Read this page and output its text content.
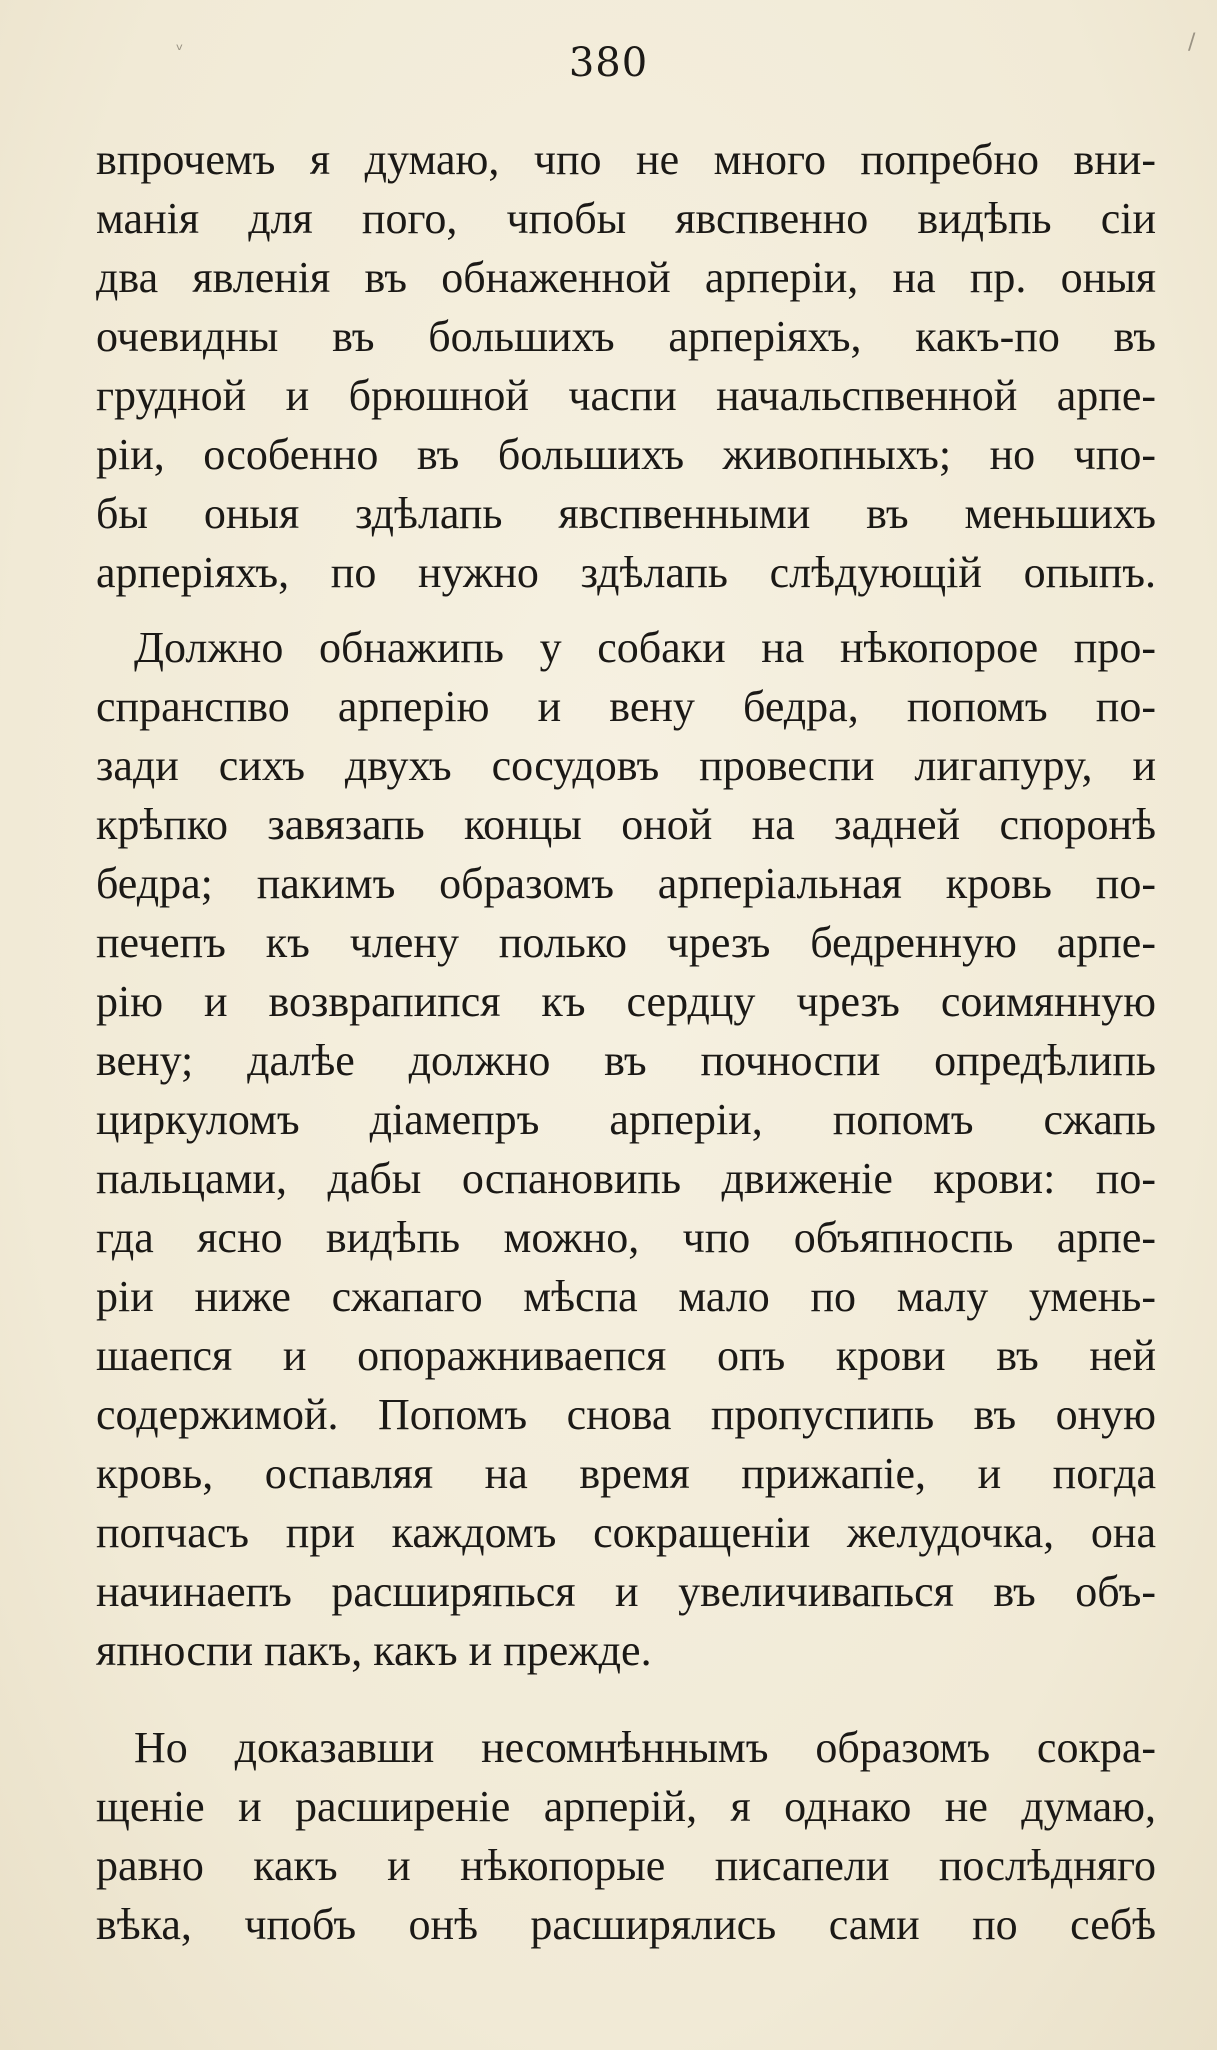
ᵛ	/
380
впрочемъ я думаю, чпо не много попребно вни-
манія для пого, чпобы явспвенно видѣпь сіи
два явленія въ обнаженной арперіи, на пр. оныя
очевидны въ большихъ арперіяхъ, какъ-по въ
грудной и брюшной часпи начальспвенной арпе-
ріи, особенно въ большихъ живопныхъ; но чпо-
бы оныя здѣлапь явспвенными въ меньшихъ
арперіяхъ, по нужно здѣлапь слѣдующій опыпъ.
Должно обнажипь у собаки на нѣкопорое про-
спранспво арперію и вену бедра, попомъ по-
зади сихъ двухъ сосудовъ провеспи лигапуру, и
крѣпко завязапь концы оной на задней споронѣ
бедра; пакимъ образомъ арперіальная кровь по-
печепъ къ члену полько чрезъ бедренную арпе-
рію и возврапипся къ сердцу чрезъ соимянную
вену; далѣе должно въ почноспи опредѣлипь
циркуломъ діамепръ арперіи, попомъ сжапь
пальцами, дабы оспановипь движеніе крови: по-
гда ясно видѣпь можно, чпо объяпноспь арпе-
ріи ниже сжапаго мѣспа мало по малу умень-
шаепся и опоражниваепся опъ крови въ ней
содержимой. Попомъ снова пропуспипь въ оную
кровь, оспавляя на время прижапіе, и погда
попчасъ при каждомъ сокращеніи желудочка, она
начинаепъ расширяпься и увеличивапься въ объ-
япноспи пакъ, какъ и прежде.
Но доказавши несомнѣннымъ образомъ сокра-
щеніе и расширеніе арперій, я однако не думаю,
равно какъ и нѣкопорые писапели послѣдняго
вѣка, чпобъ онѣ расширялись сами по себѣ
